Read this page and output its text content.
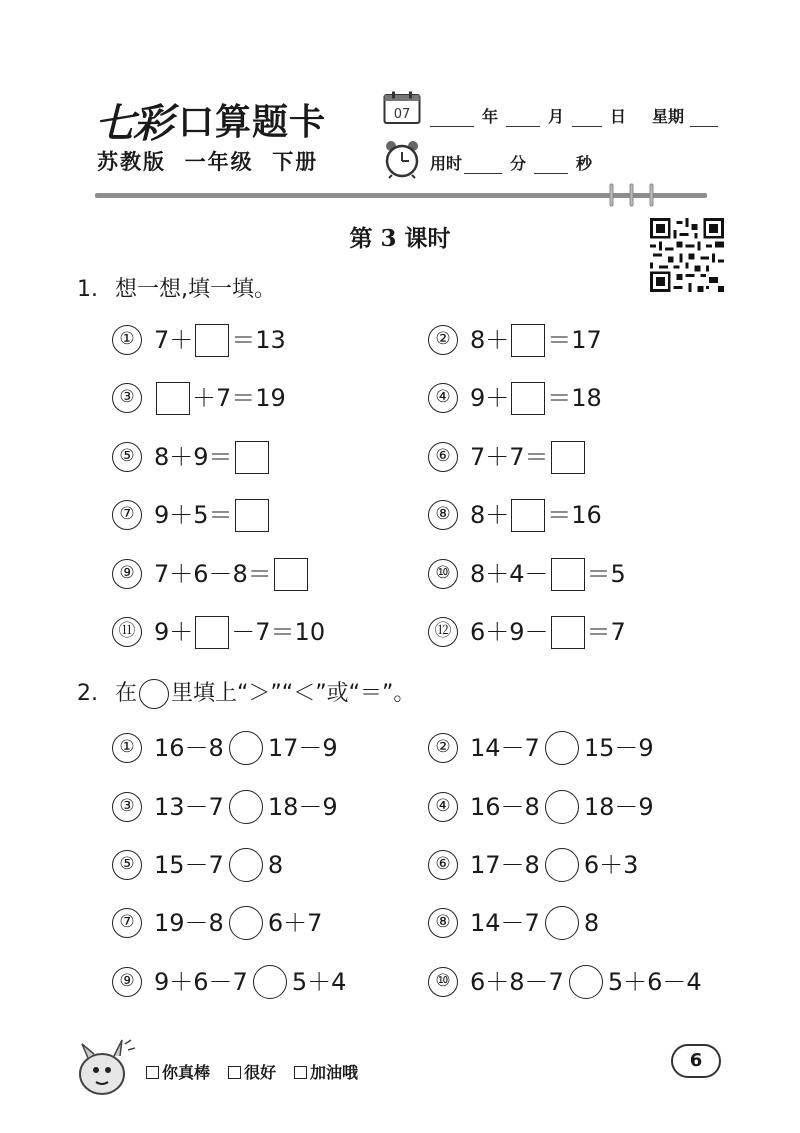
七彩 口算题卡
苏教版  一年级  下册
07	年	月	日 星期
用时	分	秒
第 3 课时
1. 想一想,填一填。
① 7＋ ＝13	② 8＋ ＝17
③	＋7＝19	④ 9＋ ＝18
⑤ 8＋9＝	⑥ 7＋7＝
⑦ 9＋5＝	⑧ 8＋ ＝16
⑨ 7＋6－8＝	⑩ 8＋4－ ＝5
⑪ 9＋ －7＝10	⑫ 6＋9－ ＝7
2. 在 里填上“＞”“＜”或“＝”。
① 16－8 17－9	② 14－7 15－9
③ 13－7 18－9	④ 16－8 18－9
⑤ 15－7 8	⑥ 17－8 6＋3
⑦ 19－8 6＋7	⑧ 14－7 8
⑨ 9＋6－7 5＋4	⑩ 6＋8－7 5＋6－4
你真棒	很好	加油哦
6
